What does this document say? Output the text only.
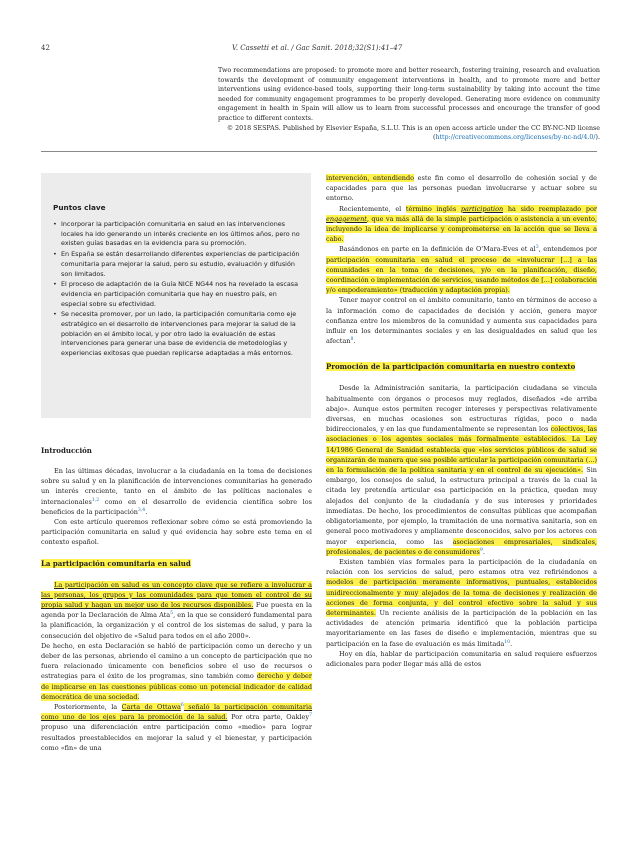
42	V. Cassetti et al. / Gac Sanit. 2018;32(S1):41–47

Two recommendations are proposed: to promote more and better research, fostering training, research and evaluation towards the development of community engagement interventions in health, and to promote more and better interventions using evidence-based tools, supporting their long-term sustainability by taking into account the time needed for community engagement programmes to be properly developed. Generating more evidence on community engagement in health in Spain will allow us to learn from successful processes and encourage the transfer of good practice to different contexts.

© 2018 SESPAS. Published by Elsevier España, S.L.U. This is an open access article under the CC BY-NC-ND license (http://creativecommons.org/licenses/by-nc-nd/4.0/).

Puntos clave
• Incorporar la participación comunitaria en salud en las intervenciones locales ha ido generando un interés creciente en los últimos años, pero no existen guías basadas en la evidencia para su promoción.
• En España se están desarrollando diferentes experiencias de participación comunitaria para mejorar la salud, pero su estudio, evaluación y difusión son limitados.
• El proceso de adaptación de la Guía NICE NG44 nos ha revelado la escasa evidencia en participación comunitaria que hay en nuestro país, en especial sobre su efectividad.
• Se necesita promover, por un lado, la participación comunitaria como eje estratégico en el desarrollo de intervenciones para mejorar la salud de la población en el ámbito local, y por otro lado la evaluación de estas intervenciones para generar una base de evidencia de metodologías y experiencias exitosas que puedan replicarse adaptadas a más entornos.
Introducción

En las últimas décadas, involucrar a la ciudadanía en la toma de decisiones sobre su salud y en la planificación de intervenciones comunitarias ha generado un interés creciente, tanto en el ámbito de las políticas nacionales e internacionales$^{1,2}$ como en el desarrollo de evidencia científica sobre los beneficios de la participación$^{3,4}$.

Con este artículo queremos reflexionar sobre cómo se está promoviendo la participación comunitaria en salud y qué evidencia hay sobre este tema en el contexto español.

La participación comunitaria en salud

La participación en salud es un concepto clave que se refiere a involucrar a las personas, los grupos y las comunidades para que tomen el control de su propia salud y hagan un mejor uso de los recursos disponibles. Fue puesta en la agenda por la Declaración de Alma Ata$^5$, en la que se consideró fundamental para la planificación, la organización y el control de los sistemas de salud, y para la consecución del objetivo de «Salud para todos en el año 2000».

De hecho, en esta Declaración se habló de participación como un derecho y un deber de las personas, abriendo el camino a un concepto de participación que no fuera relacionado únicamente con beneficios sobre el uso de recursos o estrategias para el éxito de los programas, sino también como derecho y deber de implicarse en las cuestiones públicas como un potencial indicador de calidad democrática de una sociedad.

Posteriormente, la Carta de Ottawa$^6$ señaló la participación comunitaria como uno de los ejes para la promoción de la salud. Por otra parte, Oakley$^7$ propuso una diferenciación entre participación como «medio» para lograr resultados preestablecidos en mejorar la salud y el bienestar, y participación como «fin» de una

intervención, entendiendo este fin como el desarrollo de cohesión social y de capacidades para que las personas puedan involucrarse y actuar sobre su entorno.

Recientemente, el término inglés participation ha sido reemplazado por engagement, que va más allá de la simple participación o asistencia a un evento, incluyendo la idea de implicarse y comprometerse en la acción que se lleva a cabo.

Basándonos en parte en la definición de O'Mara-Eves et $al^3$, entendemos por participación comunitaria en salud el proceso de «involucrar [...] a las comunidades en la toma de decisiones, y/o en la planificación, diseño, coordinación o implementación de servicios, usando métodos de [...] colaboración y/o empoderamiento» (traducción y adaptación propia).

Tener mayor control en el ámbito comunitario, tanto en términos de acceso a la información como de capacidades de decisión y acción, genera mayor confianza entre los miembros de la comunidad y aumenta sus capacidades para influir en los determinantes sociales y en las desigualdades en salud que les afectan$^8$.

Promoción de la participación comunitaria en nuestro contexto

Desde la Administración sanitaria, la participación ciudadana se vincula habitualmente con órganos o procesos muy reglados, diseñados «de arriba abajo». Aunque estos permiten recoger intereses y perspectivas relativamente diversas, en muchas ocasiones son estructuras rígidas, poco o nada bidireccionales, y en las que fundamentalmente se representan los colectivos, las asociaciones o los agentes sociales más formalmente establecidos. La Ley 14/1986 General de Sanidad establecía que «los servicios públicos de salud se organizarán de manera que sea posible articular la participación comunitaria (...) en la formulación de la política sanitaria y en el control de su ejecución». Sin embargo, los consejos de salud, la estructura principal a través de la cual la citada ley pretendía articular esa participación en la práctica, quedan muy alejados del conjunto de la ciudadanía y de sus intereses y prioridades inmediatas. De hecho, los procedimientos de consultas públicas que acompañan obligatoriamente, por ejemplo, la tramitación de una normativa sanitaria, son en general poco motivadores y ampliamente desconocidos, salvo por los actores con mayor experiencia, como las asociaciones empresariales, sindicales, profesionales, de pacientes o de consumidores$^9$.

Existen también vías formales para la participación de la ciudadanía en relación con los servicios de salud, pero estamos otra vez refiriéndonos a modelos de participación meramente informativos, puntuales, establecidos unidireccionalmente y muy alejados de la toma de decisiones y realización de acciones de forma conjunta, y del control efectivo sobre la salud y sus determinantes. Un reciente análisis de la participación de la población en las actividades de atención primaria identificó que la población participa mayoritariamente en las fases de diseño e implementación, mientras que su participación en la fase de evaluación es más limitada$^{10}$.

Hoy en día, hablar de participación comunitaria en salud requiere esfuerzos adicionales para poder llegar más allá de estos
